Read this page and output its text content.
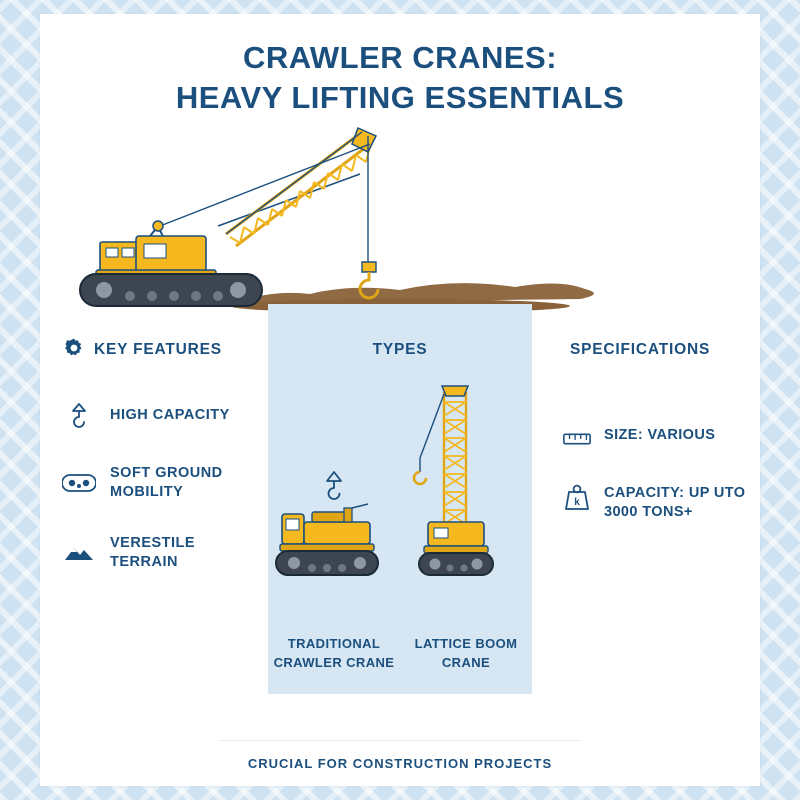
CRAWLER CRANES:
HEAVY LIFTING ESSENTIALS
KEY FEATURES
HIGH CAPACITY
SOFT GROUND MOBILITY
VERESTILE TERRAIN
TYPES
TRADITIONAL CRAWLER CRANE
LATTICE BOOM CRANE
SPECIFICATIONS
SIZE: VARIOUS
k
CAPACITY: UP UTO 3000 TONS+
CRUCIAL FOR CONSTRUCTION PROJECTS
